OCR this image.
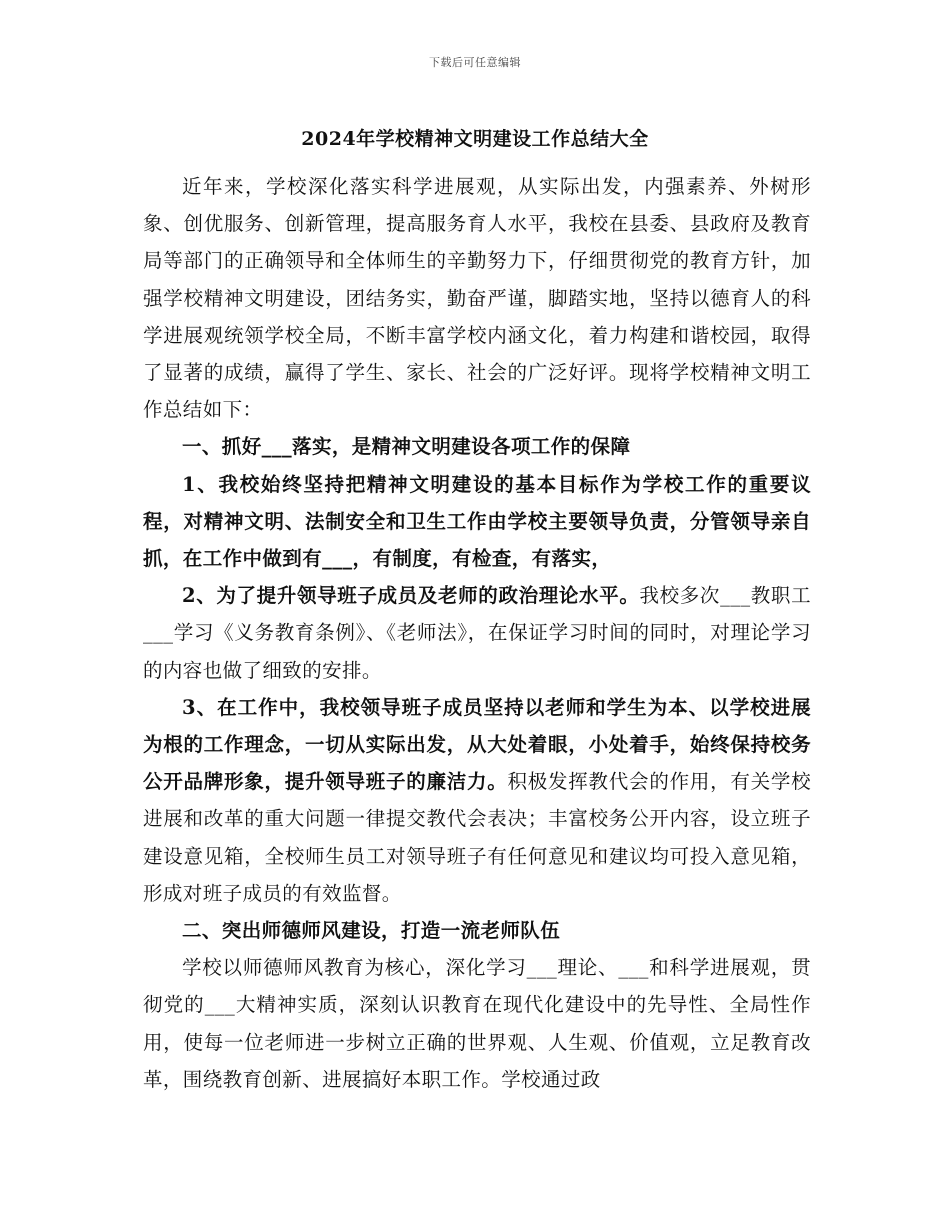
下载后可任意编辑
2024年学校精神文明建设工作总结大全

近年来，学校深化落实科学进展观，从实际出发，内强素养、外树形象、创优服务、创新管理，提高服务育人水平，我校在县委、县政府及教育局等部门的正确领导和全体师生的辛勤努力下，仔细贯彻党的教育方针，加强学校精神文明建设，团结务实，勤奋严谨，脚踏实地，坚持以德育人的科学进展观统领学校全局，不断丰富学校内涵文化，着力构建和谐校园，取得了显著的成绩，赢得了学生、家长、社会的广泛好评。现将学校精神文明工作总结如下：

一、抓好___落实，是精神文明建设各项工作的保障

1、我校始终坚持把精神文明建设的基本目标作为学校工作的重要议程，对精神文明、法制安全和卫生工作由学校主要领导负责，分管领导亲自抓，在工作中做到有___，有制度，有检查，有落实，

2、为了提升领导班子成员及老师的政治理论水平。我校多次___教职工___学习《义务教育条例》、《老师法》，在保证学习时间的同时，对理论学习的内容也做了细致的安排。

3、在工作中，我校领导班子成员坚持以老师和学生为本、以学校进展为根的工作理念，一切从实际出发，从大处着眼，小处着手，始终保持校务公开品牌形象，提升领导班子的廉洁力。积极发挥教代会的作用，有关学校进展和改革的重大问题一律提交教代会表决；丰富校务公开内容，设立班子建设意见箱，全校师生员工对领导班子有任何意见和建议均可投入意见箱，形成对班子成员的有效监督。

二、突出师德师风建设，打造一流老师队伍

学校以师德师风教育为核心，深化学习___理论、___和科学进展观，贯彻党的___大精神实质，深刻认识教育在现代化建设中的先导性、全局性作用，使每一位老师进一步树立正确的世界观、人生观、价值观，立足教育改革，围绕教育创新、进展搞好本职工作。学校通过政
